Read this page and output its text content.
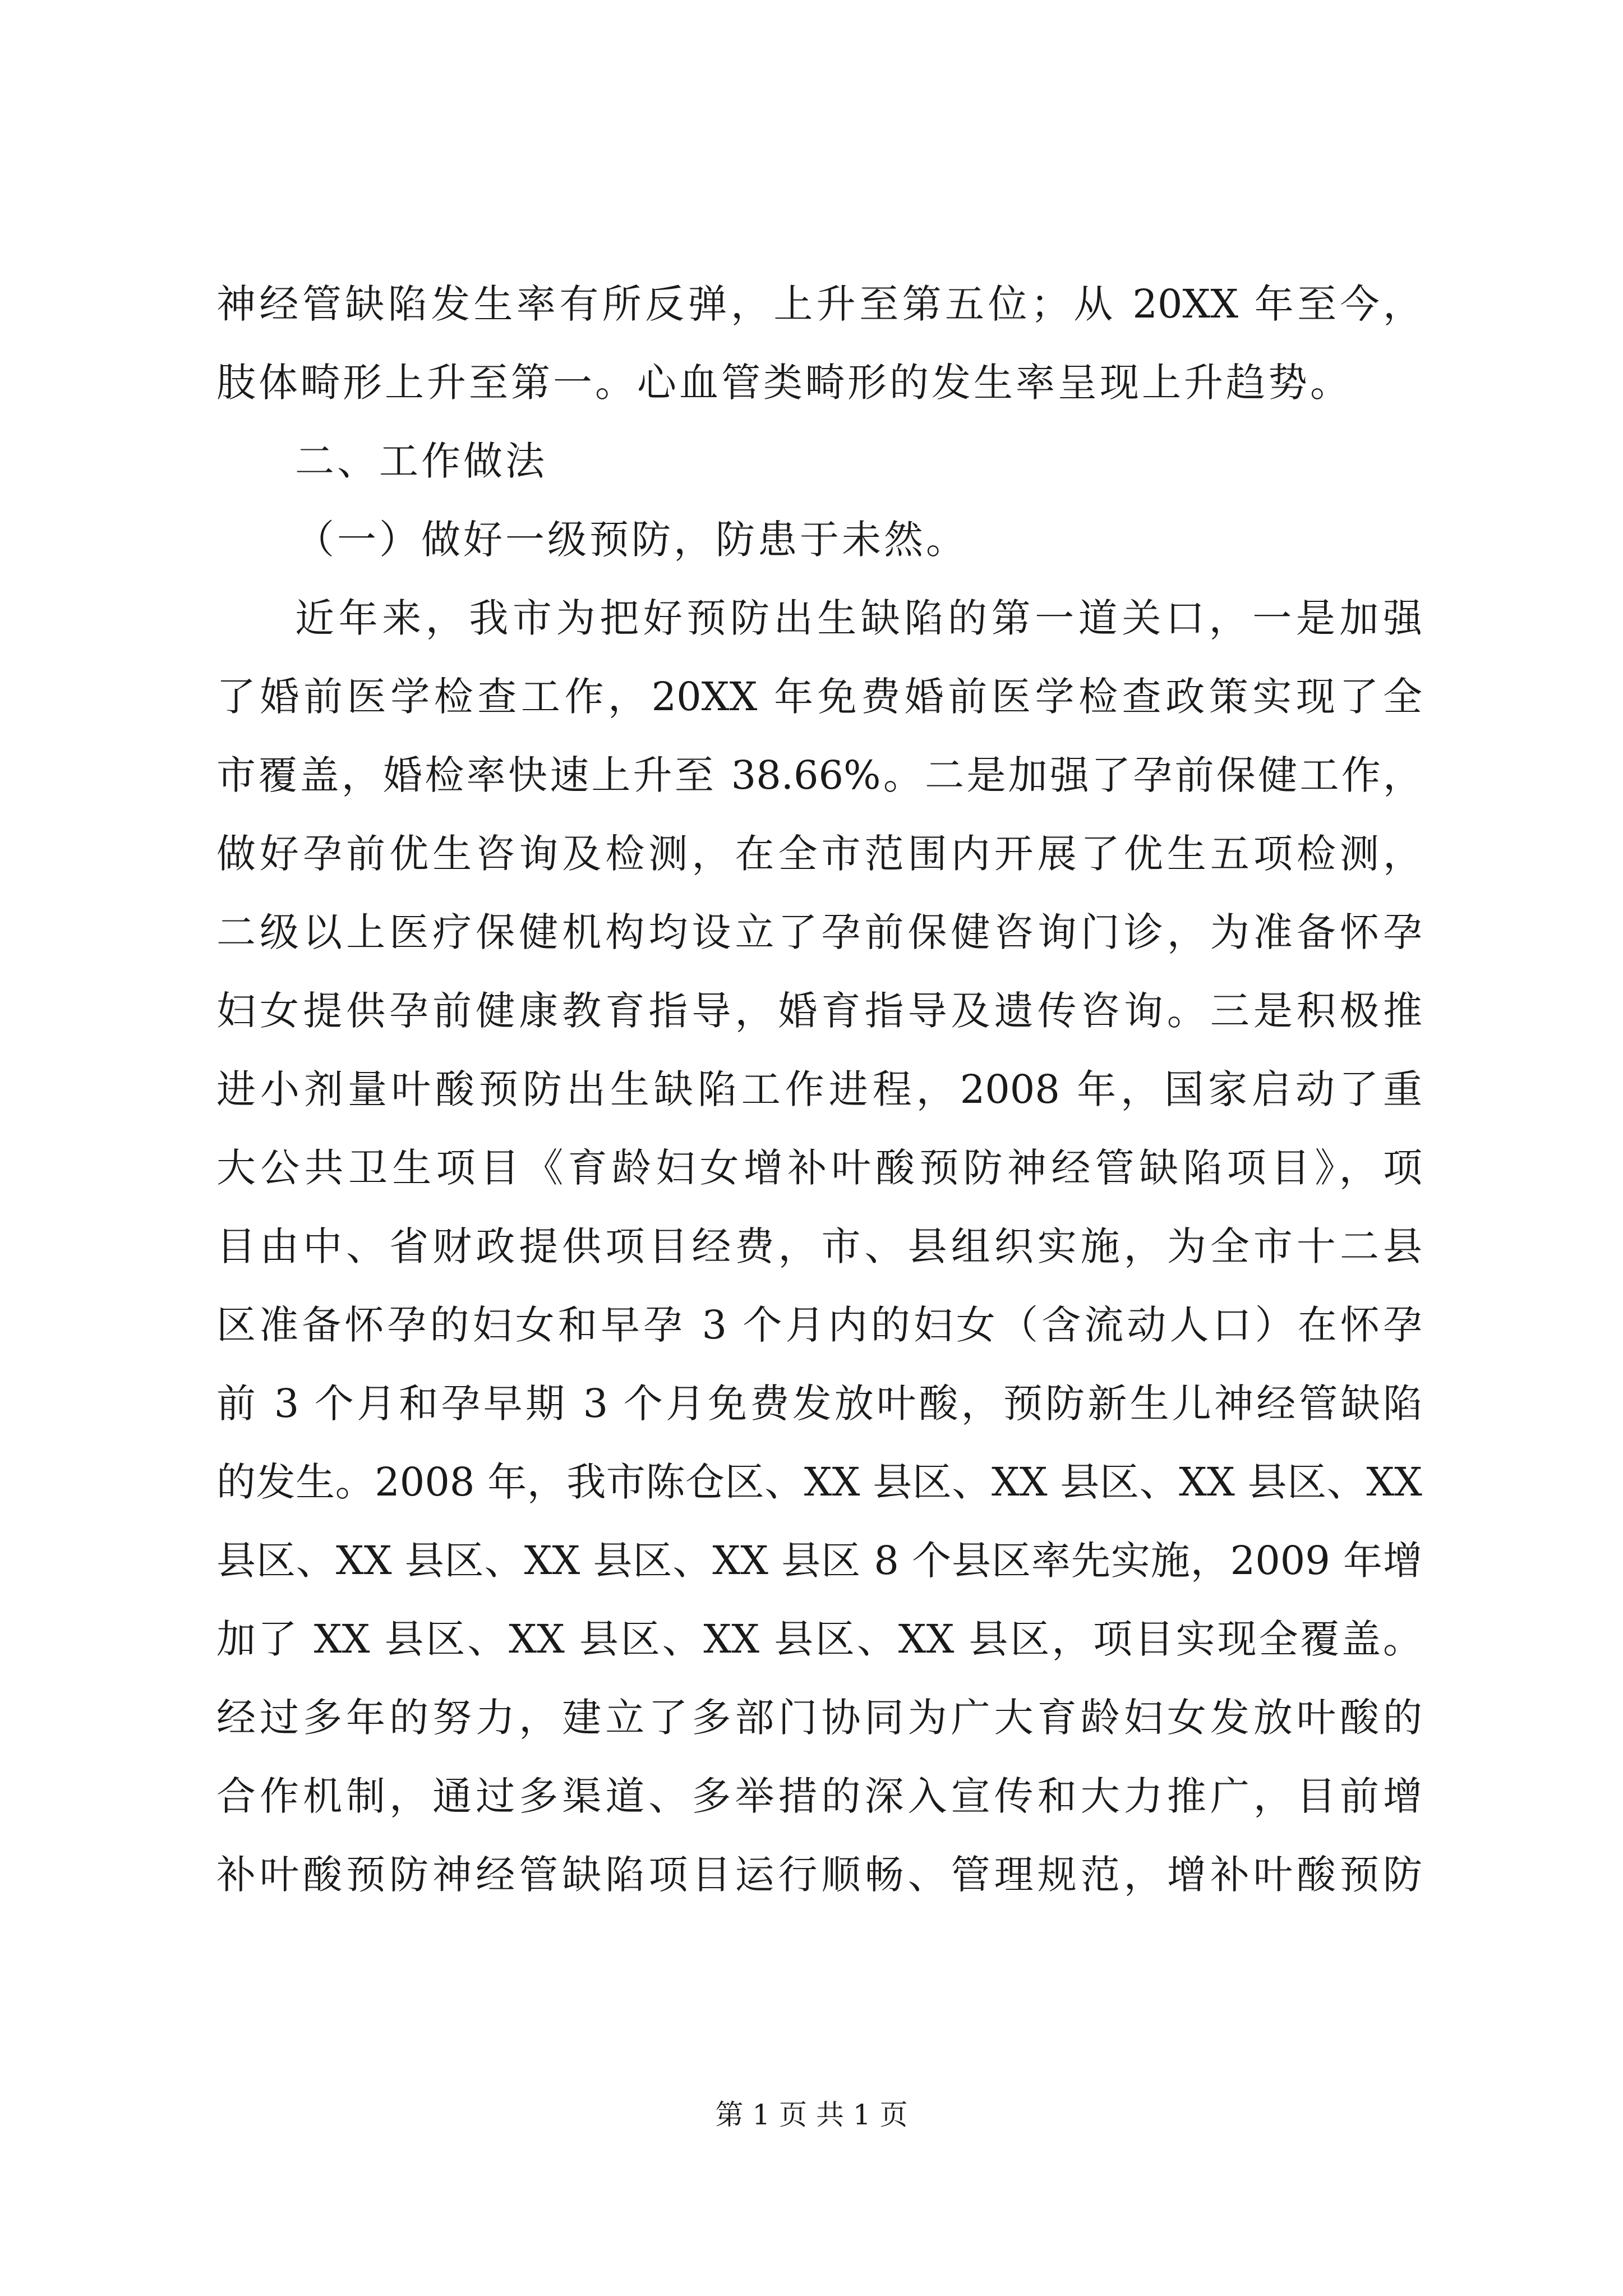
神经管缺陷发生率有所反弹，上升至第五位；从 20XX 年至今，
肢体畸形上升至第一。心血管类畸形的发生率呈现上升趋势。
二、工作做法
（一）做好一级预防，防患于未然。
近年来，我市为把好预防出生缺陷的第一道关口，一是加强
了婚前医学检查工作，20XX 年免费婚前医学检查政策实现了全
市覆盖，婚检率快速上升至 38.66%。二是加强了孕前保健工作，
做好孕前优生咨询及检测，在全市范围内开展了优生五项检测，
二级以上医疗保健机构均设立了孕前保健咨询门诊，为准备怀孕
妇女提供孕前健康教育指导，婚育指导及遗传咨询。三是积极推
进小剂量叶酸预防出生缺陷工作进程，2008 年，国家启动了重
大公共卫生项目《育龄妇女增补叶酸预防神经管缺陷项目》，项
目由中、省财政提供项目经费，市、县组织实施，为全市十二县
区准备怀孕的妇女和早孕 3 个月内的妇女（含流动人口）在怀孕
前 3 个月和孕早期 3 个月免费发放叶酸，预防新生儿神经管缺陷
的发生。2008 年，我市陈仓区、XX 县区、XX 县区、XX 县区、XX
县区、XX 县区、XX 县区、XX 县区 8 个县区率先实施，2009 年增
加了 XX 县区、XX 县区、XX 县区、XX 县区，项目实现全覆盖。
经过多年的努力，建立了多部门协同为广大育龄妇女发放叶酸的
合作机制，通过多渠道、多举措的深入宣传和大力推广，目前增
补叶酸预防神经管缺陷项目运行顺畅、管理规范，增补叶酸预防
第 1 页 共 1 页
